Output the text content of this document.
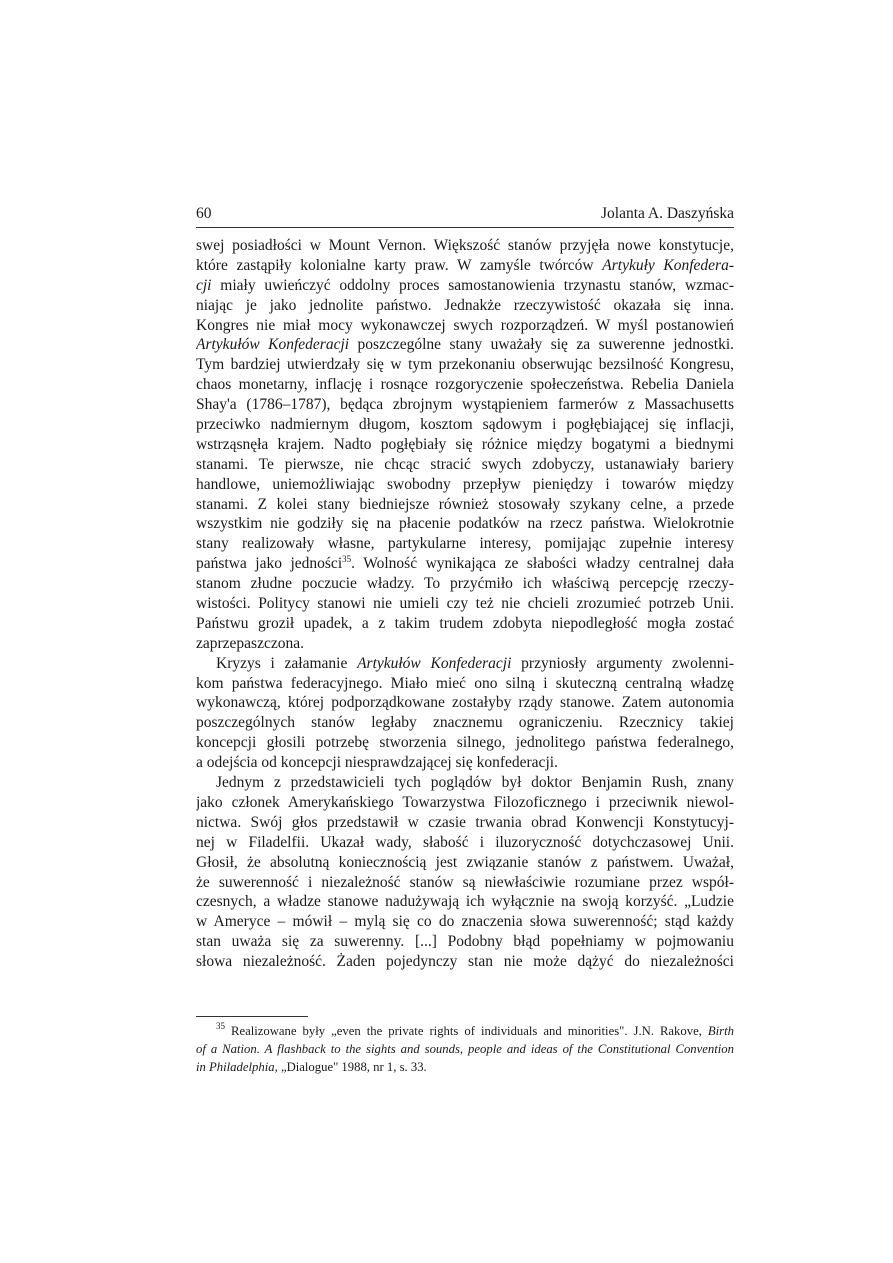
60	Jolanta A. Daszyńska
swej posiadłości w Mount Vernon. Większość stanów przyjęła nowe konstytucje,
które zastąpiły kolonialne karty praw. W zamyśle twórców Artykuły Konfedera-
cji miały uwieńczyć oddolny proces samostanowienia trzynastu stanów, wzmac-
niając je jako jednolite państwo. Jednakże rzeczywistość okazała się inna.
Kongres nie miał mocy wykonawczej swych rozporządzeń. W myśl postanowień
Artykułów Konfederacji poszczególne stany uważały się za suwerenne jednostki.
Tym bardziej utwierdzały się w tym przekonaniu obserwując bezsilność Kongresu,
chaos monetarny, inflację i rosnące rozgoryczenie społeczeństwa. Rebelia Daniela
Shay'a (1786–1787), będąca zbrojnym wystąpieniem farmerów z Massachusetts
przeciwko nadmiernym długom, kosztom sądowym i pogłębiającej się inflacji,
wstrząsnęła krajem. Nadto pogłębiały się różnice między bogatymi a biednymi
stanami. Te pierwsze, nie chcąc stracić swych zdobyczy, ustanawiały bariery
handlowe, uniemożliwiając swobodny przepływ pieniędzy i towarów między
stanami. Z kolei stany biedniejsze również stosowały szykany celne, a przede
wszystkim nie godziły się na płacenie podatków na rzecz państwa. Wielokrotnie
stany realizowały własne, partykularne interesy, pomijając zupełnie interesy
państwa jako jedności$^{35}$. Wolność wynikająca ze słabości władzy centralnej dała
stanom złudne poczucie władzy. To przyćmiło ich właściwą percepcję rzeczy-
wistości. Politycy stanowi nie umieli czy też nie chcieli zrozumieć potrzeb Unii.
Państwu groził upadek, a z takim trudem zdobyta niepodległość mogła zostać
zaprzepaszczona.
Kryzys i załamanie Artykułów Konfederacji przyniosły argumenty zwolenni-
kom państwa federacyjnego. Miało mieć ono silną i skuteczną centralną władzę
wykonawczą, której podporządkowane zostałyby rządy stanowe. Zatem autonomia
poszczególnych stanów ległaby znacznemu ograniczeniu. Rzecznicy takiej
koncepcji głosili potrzebę stworzenia silnego, jednolitego państwa federalnego,
a odejścia od koncepcji niesprawdzającej się konfederacji.
Jednym z przedstawicieli tych poglądów był doktor Benjamin Rush, znany
jako członek Amerykańskiego Towarzystwa Filozoficznego i przeciwnik niewol-
nictwa. Swój głos przedstawił w czasie trwania obrad Konwencji Konstytucyj-
nej w Filadelfii. Ukazał wady, słabość i iluzoryczność dotychczasowej Unii.
Głosił, że absolutną koniecznością jest związanie stanów z państwem. Uważał,
że suwerenność i niezależność stanów są niewłaściwie rozumiane przez współ-
czesnych, a władze stanowe nadużywają ich wyłącznie na swoją korzyść. „Ludzie
w Ameryce – mówił – mylą się co do znaczenia słowa suwerenność; stąd każdy
stan uważa się za suwerenny. [...] Podobny błąd popełniamy w pojmowaniu
słowa niezależność. Żaden pojedynczy stan nie może dążyć do niezależności
$^{35}$ Realizowane były „even the private rights of individuals and minorities". J.N. Rakove, Birth
of a Nation. A flashback to the sights and sounds, people and ideas of the Constitutional Convention
in Philadelphia, „Dialogue" 1988, nr 1, s. 33.
